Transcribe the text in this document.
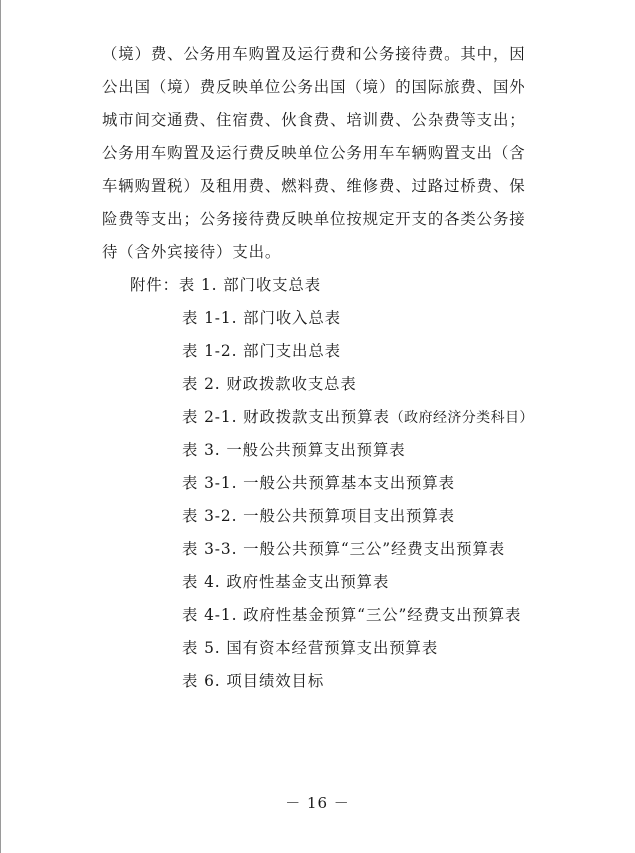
（境）费、公务用车购置及运行费和公务接待费。其中，因
公出国（境）费反映单位公务出国（境）的国际旅费、国外
城市间交通费、住宿费、伙食费、培训费、公杂费等支出；
公务用车购置及运行费反映单位公务用车车辆购置支出（含
车辆购置税）及租用费、燃料费、维修费、过路过桥费、保
险费等支出；公务接待费反映单位按规定开支的各类公务接
待（含外宾接待）支出。
附件：表 1. 部门收支总表
表 1-1. 部门收入总表
表 1-2. 部门支出总表
表 2. 财政拨款收支总表
表 2-1. 财政拨款支出预算表（政府经济分类科目）
表 3. 一般公共预算支出预算表
表 3-1. 一般公共预算基本支出预算表
表 3-2. 一般公共预算项目支出预算表
表 3-3. 一般公共预算“三公”经费支出预算表
表 4. 政府性基金支出预算表
表 4-1. 政府性基金预算“三公”经费支出预算表
表 5. 国有资本经营预算支出预算表
表 6. 项目绩效目标
－ 16 －
